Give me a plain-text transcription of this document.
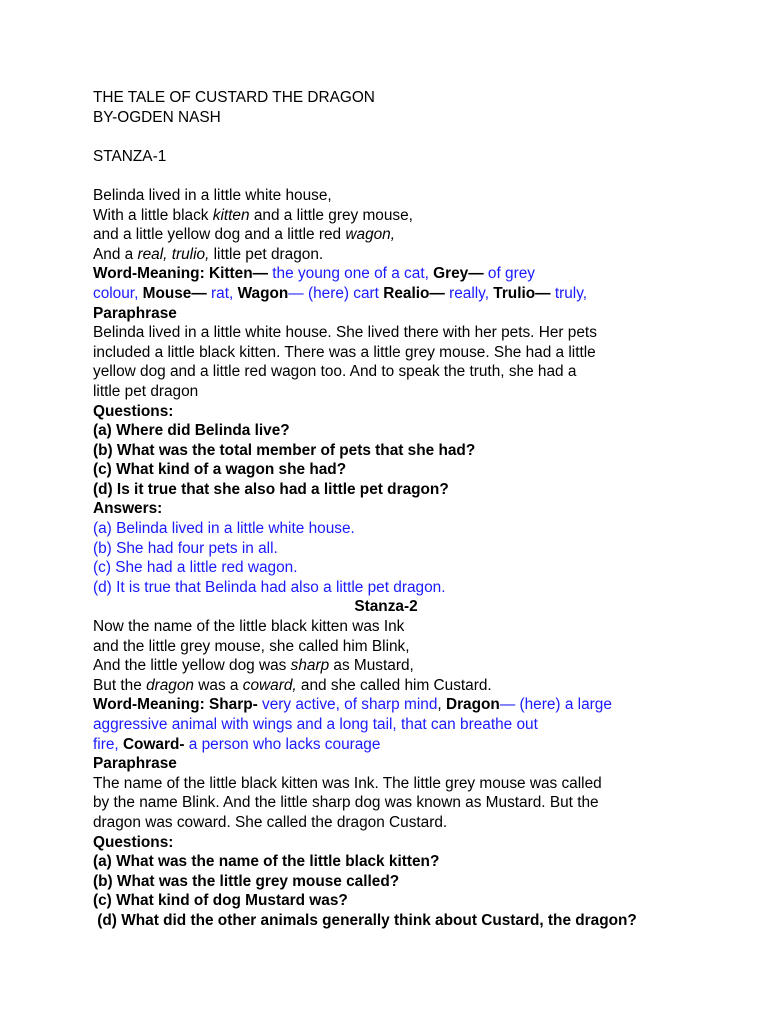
THE TALE OF CUSTARD THE DRAGON
BY-OGDEN NASH
STANZA-1
Belinda lived in a little white house,
With a little black kitten and a little grey mouse,
and a little yellow dog and a little red wagon,
And a real, trulio, little pet dragon.
Word-Meaning: Kitten— the young one of a cat, Grey— of grey
colour, Mouse— rat, Wagon— (here) cart Realio— really, Trulio— truly,
Paraphrase
Belinda lived in a little white house. She lived there with her pets. Her pets
included a little black kitten. There was a little grey mouse. She had a little
yellow dog and a little red wagon too. And to speak the truth, she had a
little pet dragon
Questions:
(a) Where did Belinda live?
(b) What was the total member of pets that she had?
(c) What kind of a wagon she had?
(d) Is it true that she also had a little pet dragon?
Answers:
(a) Belinda lived in a little white house.
(b) She had four pets in all.
(c) She had a little red wagon.
(d) It is true that Belinda had also a little pet dragon.
Stanza-2
Now the name of the little black kitten was Ink
and the little grey mouse, she called him Blink,
And the little yellow dog was sharp as Mustard,
But the dragon was a coward, and she called him Custard.
Word-Meaning: Sharp- very active, of sharp mind, Dragon— (here) a large
aggressive animal with wings and a long tail, that can breathe out
fire, Coward- a person who lacks courage
Paraphrase
The name of the little black kitten was Ink. The little grey mouse was called
by the name Blink. And the little sharp dog was known as Mustard. But the
dragon was coward. She called the dragon Custard.
Questions:
(a) What was the name of the little black kitten?
(b) What was the little grey mouse called?
(c) What kind of dog Mustard was?
(d) What did the other animals generally think about Custard, the dragon?
